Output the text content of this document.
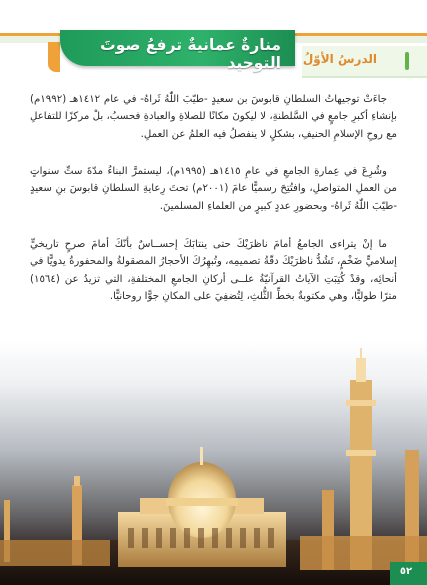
منارةٌ عمانيةٌ ترفعُ صوتَ التوحيد الدرسُ الأوّلُ
جاءَتْ توجيهاتُ السلطانِ قابوسَ بن سعيدٍ -طيّبَ اللّٰهُ ثَراهُ- في عام ١٤١٢هـ (١٩٩٢م) بإنشاءِ أكبرِ جامعٍ في السَّلطنةِ، لا ليكونَ مكانًا للصلاةِ والعبادةِ فحسبُ، بلْ مركزًا للتفاعلِ مع روحِ الإسلامِ الحنيفِ، بشكلٍ لا ينفصلُ فيه العلمُ عن العملِ.
وشُرِعَ في عِمارةِ الجامعِ في عامِ ١٤١٥هـ (١٩٩٥م)، ليستمرَّ البناءُ مدّةَ ستِّ سنواتٍ من العملِ المتواصلِ، وافتُتِحَ رسميًّا عامَ (٢٠٠١م) تحتَ رِعايةِ السلطانِ قابوسَ بنِ سعيدٍ -طيّبَ اللّٰهُ ثَراهُ- وبحضورِ عددٍ كبيرٍ من العلماءِ المسلمينَ.
ما إنْ يتراءى الجامعُ أمامَ ناظرَيْكَ حتى ينتابَكَ إحســاسٌ بأنّكَ أمامَ صرحٍ تاريخيٍّ إسلاميٍّ ضَخْمٍ، تَشُدُّ ناظرَيْكَ دقّةُ تصميمِه، وتُبهِرُكَ الأحجارُ المصقولةُ والمحفورةُ يدويًّا في أنحائِه، وقدْ كُتِبَتِ الآياتُ القرآنيّةُ علــى أركانِ الجامعِ المختلفةِ، التي تزيدُ عن (١٥٦٤) مترًا طوليًّا، وهي مكتوبةٌ بخطِّ الثُّلثِ، لِتُضفِيَ على المكانِ جوًّا روحانيًّا.
٥٢
